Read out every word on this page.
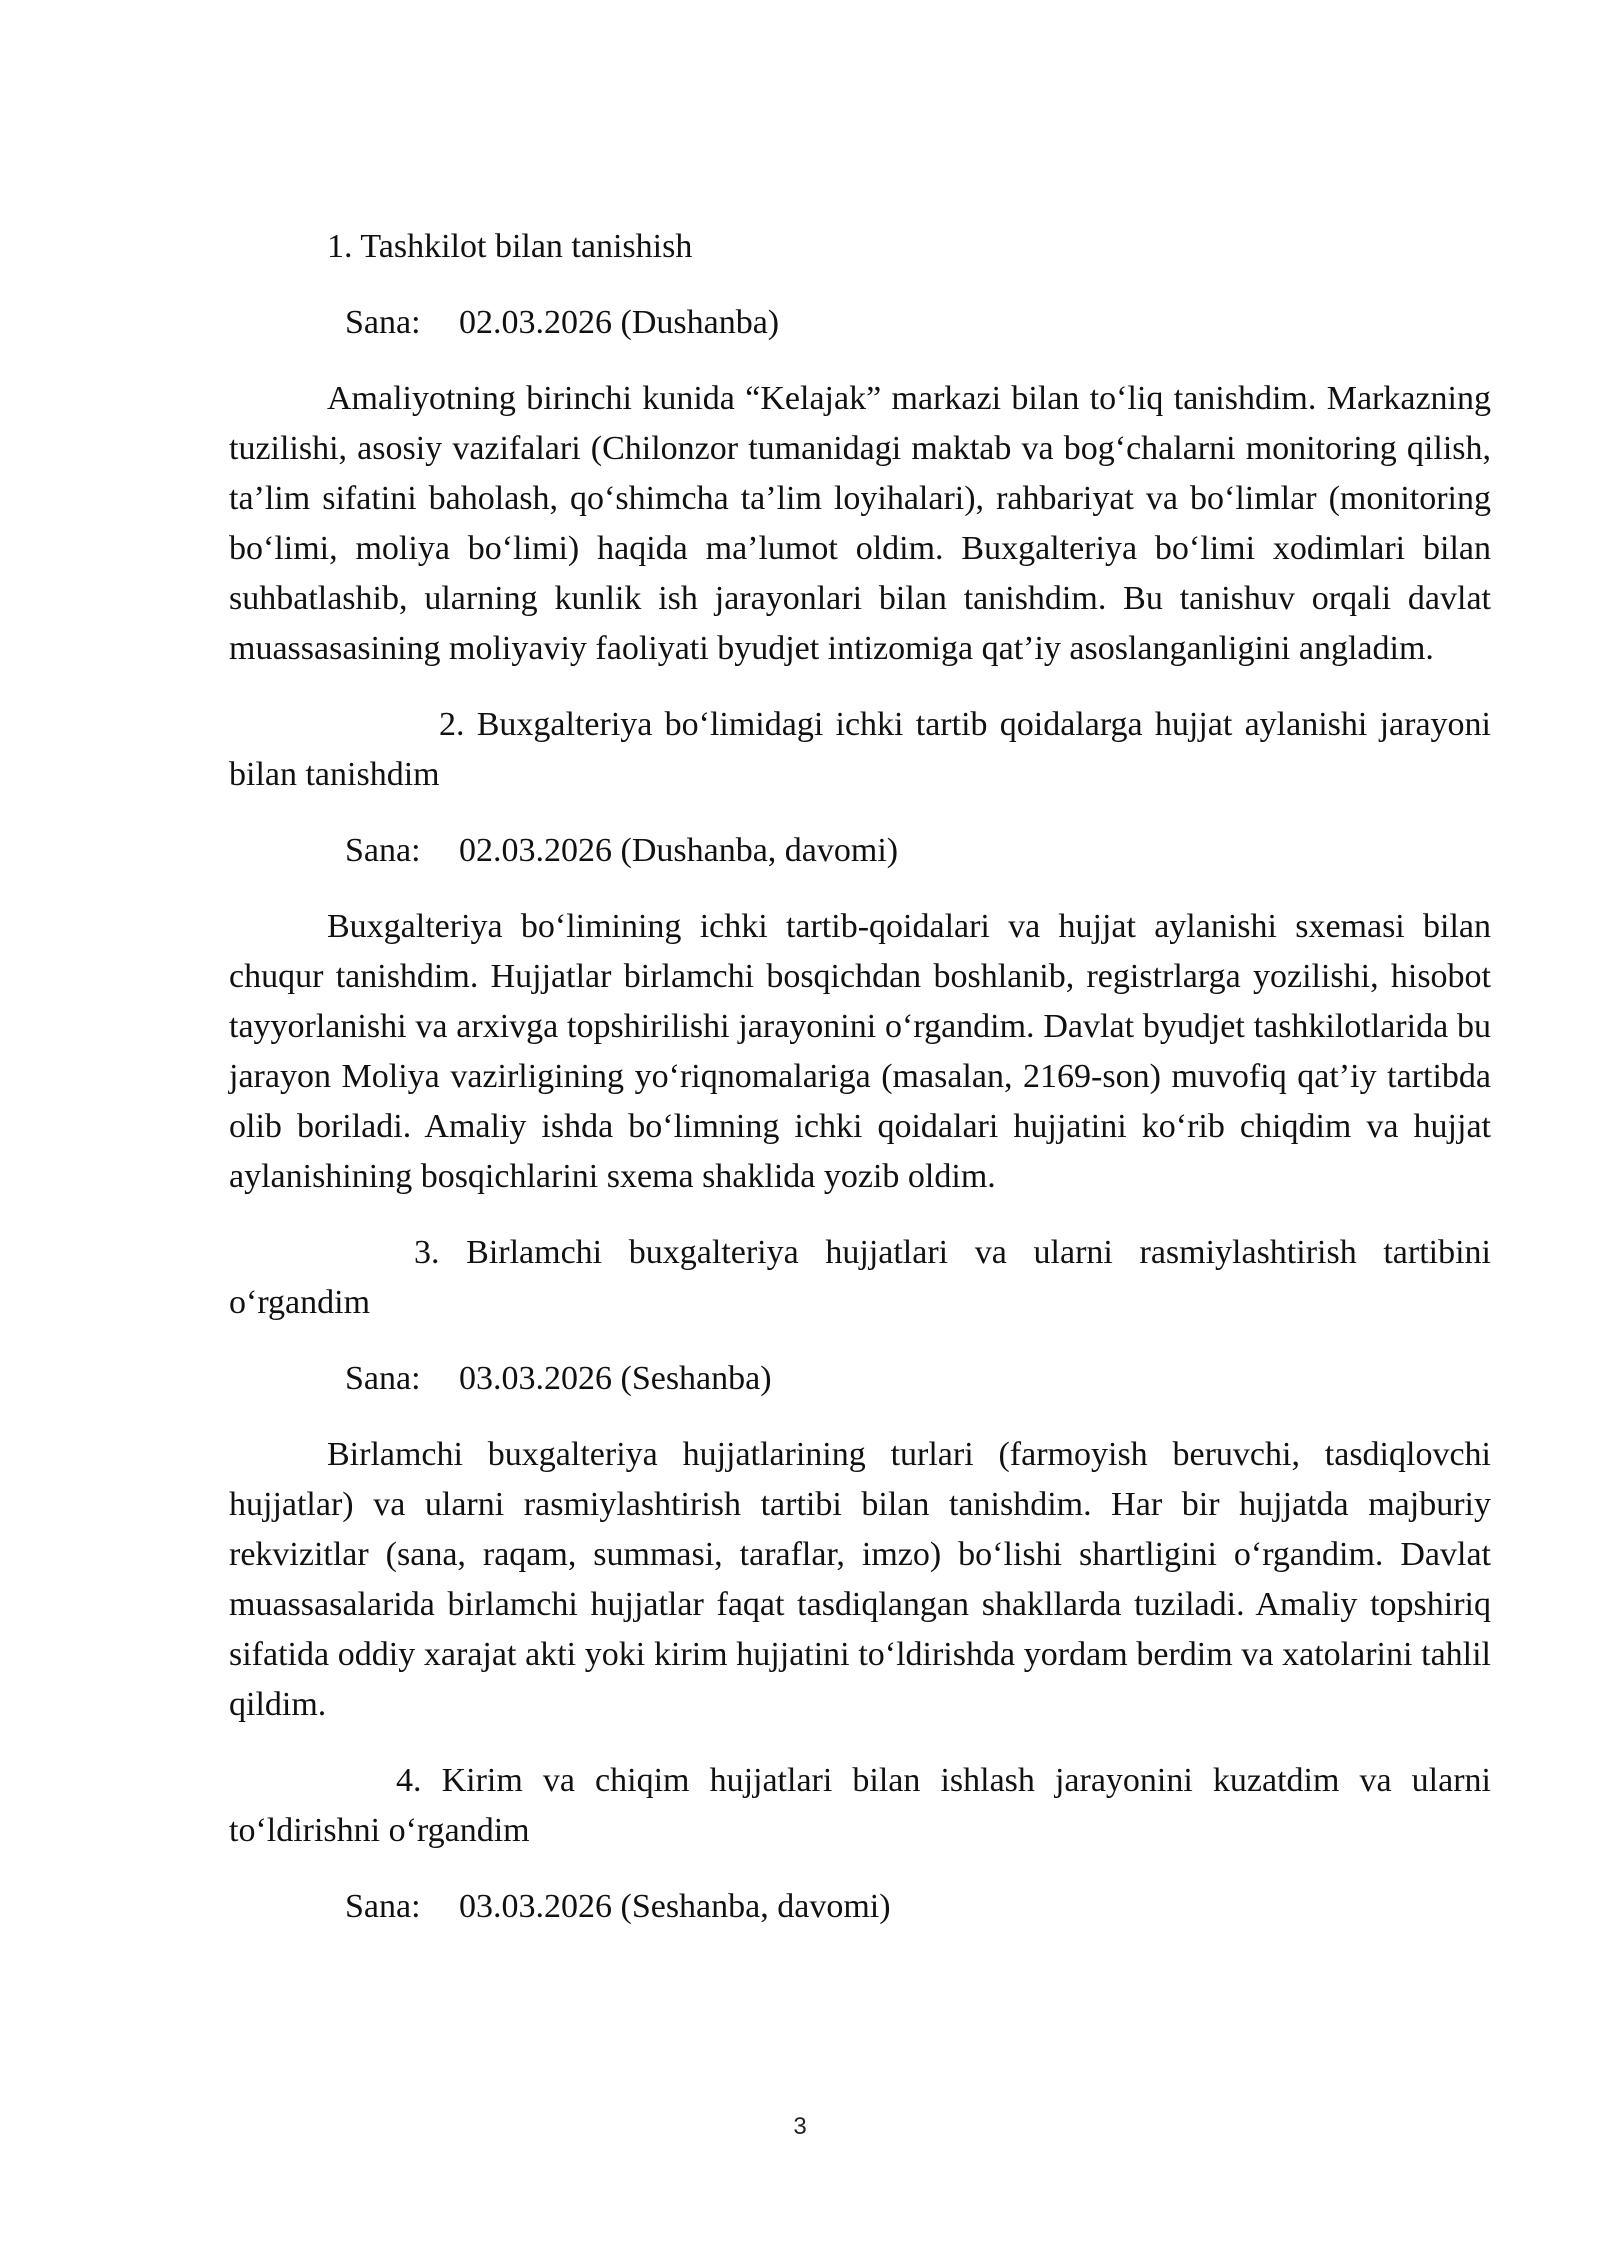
1. Tashkilot bilan tanishish
Sana: 02.03.2026 (Dushanba)

Amaliyotning birinchi kunida “Kelajak” markazi bilan to‘liq tanishdim. Markazning tuzilishi, asosiy vazifalari (Chilonzor tumanidagi maktab va bog‘chalarni monitoring qilish, ta’lim sifatini baholash, qo‘shimcha ta’lim loyihalari), rahbariyat va bo‘limlar (monitoring bo‘limi, moliya bo‘limi) haqida ma’lumot oldim. Buxgalteriya bo‘limi xodimlari bilan suhbatlashib, ularning kunlik ish jarayonlari bilan tanishdim. Bu tanishuv orqali davlat muassasasining moliyaviy faoliyati byudjet intizomiga qat’iy asoslanganligini angladim.

2. Buxgalteriya bo‘limidagi ichki tartib qoidalarga hujjat aylanishi jarayoni bilan tanishdim
Sana: 02.03.2026 (Dushanba, davomi)

Buxgalteriya bo‘limining ichki tartib-qoidalari va hujjat aylanishi sxemasi bilan chuqur tanishdim. Hujjatlar birlamchi bosqichdan boshlanib, registrlarga yozilishi, hisobot tayyorlanishi va arxivga topshirilishi jarayonini o‘rgandim. Davlat byudjet tashkilotlarida bu jarayon Moliya vazirligining yo‘riqnomalariga (masalan, 2169-son) muvofiq qat’iy tartibda olib boriladi. Amaliy ishda bo‘limning ichki qoidalari hujjatini ko‘rib chiqdim va hujjat aylanishining bosqichlarini sxema shaklida yozib oldim.

3. Birlamchi buxgalteriya hujjatlari va ularni rasmiylashtirish tartibini o‘rgandim
Sana: 03.03.2026 (Seshanba)

Birlamchi buxgalteriya hujjatlarining turlari (farmoyish beruvchi, tasdiqlovchi hujjatlar) va ularni rasmiylashtirish tartibi bilan tanishdim. Har bir hujjatda majburiy rekvizitlar (sana, raqam, summasi, taraflar, imzo) bo‘lishi shartligini o‘rgandim. Davlat muassasalarida birlamchi hujjatlar faqat tasdiqlangan shakllarda tuziladi. Amaliy topshiriq sifatida oddiy xarajat akti yoki kirim hujjatini to‘ldirishda yordam berdim va xatolarini tahlil qildim.

4. Kirim va chiqim hujjatlari bilan ishlash jarayonini kuzatdim va ularni to‘ldirishni o‘rgandim
Sana: 03.03.2026 (Seshanba, davomi)
3
